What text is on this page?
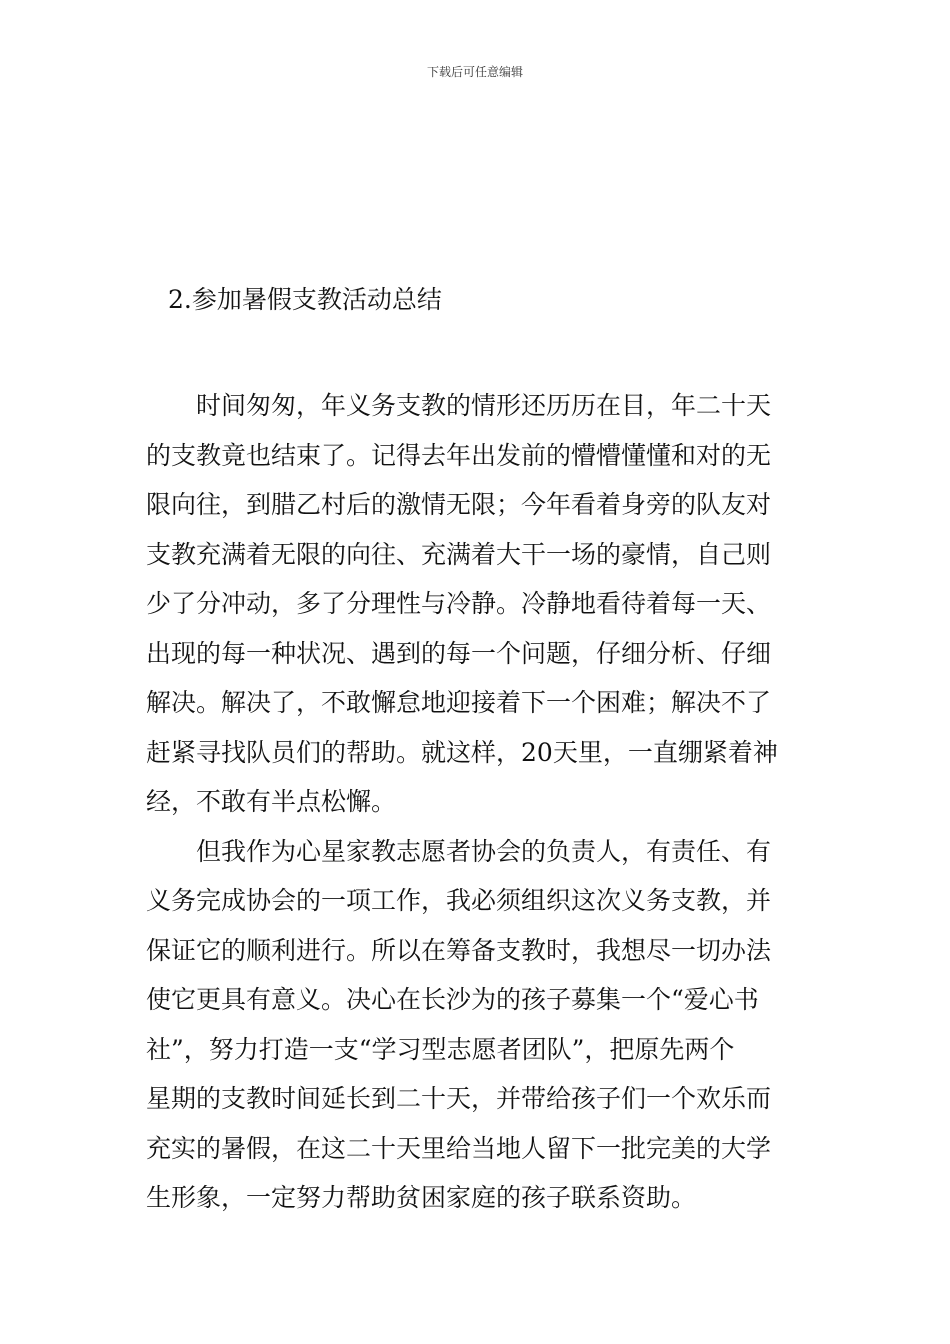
下载后可任意编辑
2.参加暑假支教活动总结
时间匆匆，年义务支教的情形还历历在目，年二十天
的支教竟也结束了。记得去年出发前的懵懵懂懂和对的无
限向往，到腊乙村后的激情无限；今年看着身旁的队友对
支教充满着无限的向往、充满着大干一场的豪情，自己则
少了分冲动，多了分理性与冷静。冷静地看待着每一天、
出现的每一种状况、遇到的每一个问题，仔细分析、仔细
解决。解决了，不敢懈怠地迎接着下一个困难；解决不了
赶紧寻找队员们的帮助。就这样，20天里，一直绷紧着神
经，不敢有半点松懈。
但我作为心星家教志愿者协会的负责人，有责任、有
义务完成协会的一项工作，我必须组织这次义务支教，并
保证它的顺利进行。所以在筹备支教时，我想尽一切办法
使它更具有意义。决心在长沙为的孩子募集一个“爱心书
社”，努力打造一支“学习型志愿者团队”，把原先两个
星期的支教时间延长到二十天，并带给孩子们一个欢乐而
充实的暑假，在这二十天里给当地人留下一批完美的大学
生形象，一定努力帮助贫困家庭的孩子联系资助。
